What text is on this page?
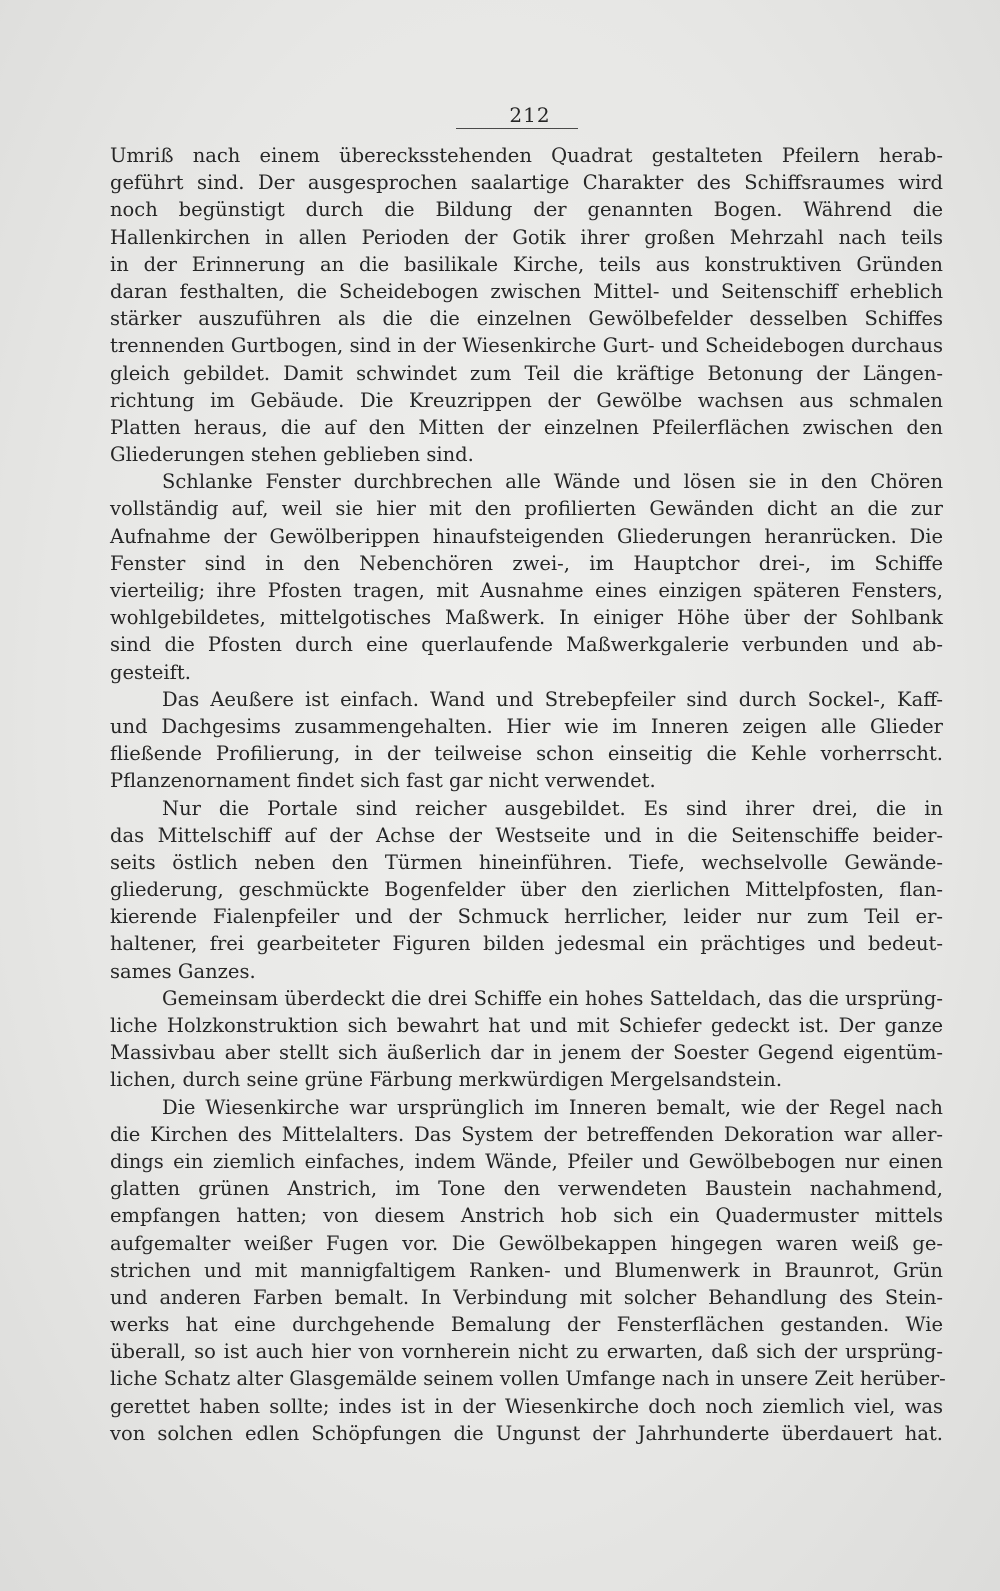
212
Umriß nach einem überecksstehenden Quadrat gestalteten Pfeilern herab-
geführt sind. Der ausgesprochen saalartige Charakter des Schiffsraumes wird
noch begünstigt durch die Bildung der genannten Bogen. Während die
Hallenkirchen in allen Perioden der Gotik ihrer großen Mehrzahl nach teils
in der Erinnerung an die basilikale Kirche, teils aus konstruktiven Gründen
daran festhalten, die Scheidebogen zwischen Mittel- und Seitenschiff erheblich
stärker auszuführen als die die einzelnen Gewölbefelder desselben Schiffes
trennenden Gurtbogen, sind in der Wiesenkirche Gurt- und Scheidebogen durchaus
gleich gebildet. Damit schwindet zum Teil die kräftige Betonung der Längen-
richtung im Gebäude. Die Kreuzrippen der Gewölbe wachsen aus schmalen
Platten heraus, die auf den Mitten der einzelnen Pfeilerflächen zwischen den
Gliederungen stehen geblieben sind.
Schlanke Fenster durchbrechen alle Wände und lösen sie in den Chören
vollständig auf, weil sie hier mit den profilierten Gewänden dicht an die zur
Aufnahme der Gewölberippen hinaufsteigenden Gliederungen heranrücken. Die
Fenster sind in den Nebenchören zwei-, im Hauptchor drei-, im Schiffe
vierteilig; ihre Pfosten tragen, mit Ausnahme eines einzigen späteren Fensters,
wohlgebildetes, mittelgotisches Maßwerk. In einiger Höhe über der Sohlbank
sind die Pfosten durch eine querlaufende Maßwerkgalerie verbunden und ab-
gesteift.
Das Aeußere ist einfach. Wand und Strebepfeiler sind durch Sockel-, Kaff-
und Dachgesims zusammengehalten. Hier wie im Inneren zeigen alle Glieder
fließende Profilierung, in der teilweise schon einseitig die Kehle vorherrscht.
Pflanzenornament findet sich fast gar nicht verwendet.
Nur die Portale sind reicher ausgebildet. Es sind ihrer drei, die in
das Mittelschiff auf der Achse der Westseite und in die Seitenschiffe beider-
seits östlich neben den Türmen hineinführen. Tiefe, wechselvolle Gewände-
gliederung, geschmückte Bogenfelder über den zierlichen Mittelpfosten, flan-
kierende Fialenpfeiler und der Schmuck herrlicher, leider nur zum Teil er-
haltener, frei gearbeiteter Figuren bilden jedesmal ein prächtiges und bedeut-
sames Ganzes.
Gemeinsam überdeckt die drei Schiffe ein hohes Satteldach, das die ursprüng-
liche Holzkonstruktion sich bewahrt hat und mit Schiefer gedeckt ist. Der ganze
Massivbau aber stellt sich äußerlich dar in jenem der Soester Gegend eigentüm-
lichen, durch seine grüne Färbung merkwürdigen Mergelsandstein.
Die Wiesenkirche war ursprünglich im Inneren bemalt, wie der Regel nach
die Kirchen des Mittelalters. Das System der betreffenden Dekoration war aller-
dings ein ziemlich einfaches, indem Wände, Pfeiler und Gewölbebogen nur einen
glatten grünen Anstrich, im Tone den verwendeten Baustein nachahmend,
empfangen hatten; von diesem Anstrich hob sich ein Quadermuster mittels
aufgemalter weißer Fugen vor. Die Gewölbekappen hingegen waren weiß ge-
strichen und mit mannigfaltigem Ranken- und Blumenwerk in Braunrot, Grün
und anderen Farben bemalt. In Verbindung mit solcher Behandlung des Stein-
werks hat eine durchgehende Bemalung der Fensterflächen gestanden. Wie
überall, so ist auch hier von vornherein nicht zu erwarten, daß sich der ursprüng-
liche Schatz alter Glasgemälde seinem vollen Umfange nach in unsere Zeit herüber-
gerettet haben sollte; indes ist in der Wiesenkirche doch noch ziemlich viel, was
von solchen edlen Schöpfungen die Ungunst der Jahrhunderte überdauert hat.
